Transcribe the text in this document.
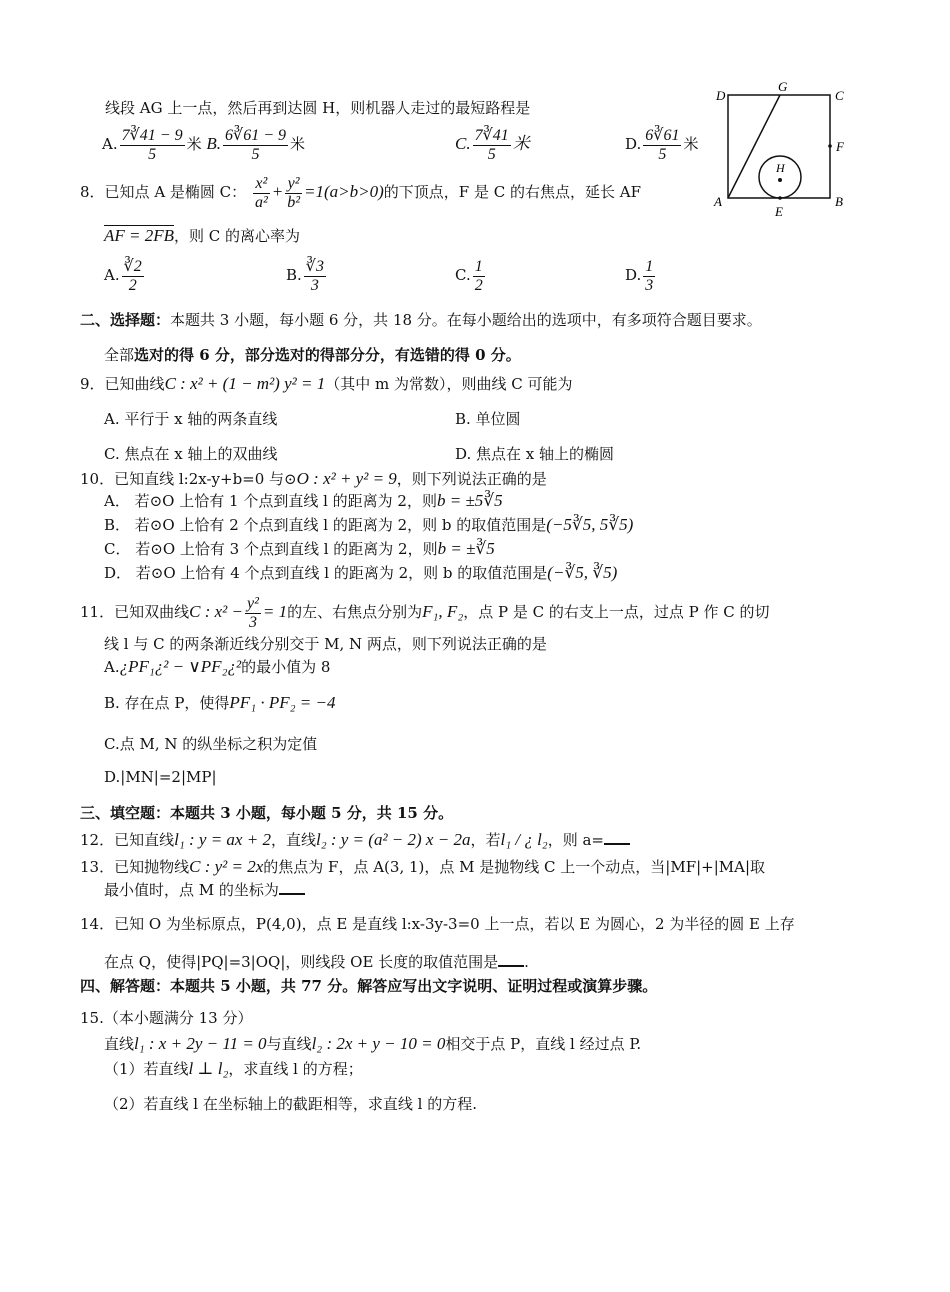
线段 AG 上一点，然后再到达圆 H，则机器人走过的最短路程是
A. $\frac{7∛41 - 9}{5}$ 米 B. $\frac{6∛61 - 9}{5}$ 米	C. $\frac{7∛41}{5}$ 米	D. $\frac{6∛61}{5}$ 米
8．已知点 A 是椭圆 C： $\frac{\text{x²}}{\text{a²}} + \frac{\text{y²}}{\text{b²}} =1(a>b>0)$的下顶点，F 是 C 的右焦点，延长 AF
AF = 2FB，则 C 的离心率为
A. $\frac{∛2}{2}$	B. $\frac{∛3}{3}$	C. $\frac{1}{2}$	D. $\frac{1}{3}$
D
G
C
F
H
A
E
B
二、选择题：本题共 3 小题，每小题 6 分，共 18 分。在每小题给出的选项中，有多项符合题目要求。
全部选对的得 6 分，部分选对的得部分分，有选错的得 0 分。
9．已知曲线C : x² + (1 − m²) y² = 1（其中 m 为常数），则曲线 C 可能为
A. 平行于 x 轴的两条直线	B. 单位圆
C. 焦点在 x 轴上的双曲线	D. 焦点在 x 轴上的椭圆
10．已知直线 l:2x-y+b=0 与⊙O : x² + y² = 9，则下列说法正确的是
A． 若⊙O 上恰有 1 个点到直线 l 的距离为 2，则b = ±5∛5
B． 若⊙O 上恰有 2 个点到直线 l 的距离为 2，则 b 的取值范围是(−5∛5, 5∛5)
C． 若⊙O 上恰有 3 个点到直线 l 的距离为 2，则b = ±∛5
D． 若⊙O 上恰有 4 个点到直线 l 的距离为 2，则 b 的取值范围是(−∛5, ∛5)
11．已知双曲线C : $x^2 - \frac{\text{y²}}{3} = 1$的左、右焦点分别为F₁, F₂，点 P 是 C 的右支上一点，过点 P 作 C 的切
线 l 与 C 的两条渐近线分别交于 M, N 两点，则下列说法正确的是
A.¿PF₁¿² − ∨PF₂¿²的最小值为 8
B. 存在点 P，使得PF₁ · PF₂ = −4
C.点 M, N 的纵坐标之积为定值
D.|MN|=2|MP|
三、填空题：本题共 3 小题，每小题 5 分，共 15 分。
12．已知直线l₁ : y = ax + 2，直线l₂ : y = (a² − 2) x − 2a，若l₁ / ¿ l₂，则 a=
13．已知抛物线C : y² = 2x的焦点为 F，点 A(3, 1)，点 M 是抛物线 C 上一个动点，当|MF|+|MA|取
最小值时，点 M 的坐标为
14．已知 O 为坐标原点，P(4,0)，点 E 是直线 l:x-3y-3=0 上一点，若以 E 为圆心，2 为半径的圆 E 上存
在点 Q，使得|PQ|=3|OQ|，则线段 OE 长度的取值范围是 .
四、解答题：本题共 5 小题，共 77 分。解答应写出文字说明、证明过程或演算步骤。
15.（本小题满分 13 分）
直线l₁ : x + 2y − 11 = 0与直线l₂ : 2x + y − 10 = 0相交于点 P，直线 l 经过点 P.
（1）若直线l ⊥ l₂，求直线 l 的方程；
（2）若直线 l 在坐标轴上的截距相等，求直线 l 的方程.
